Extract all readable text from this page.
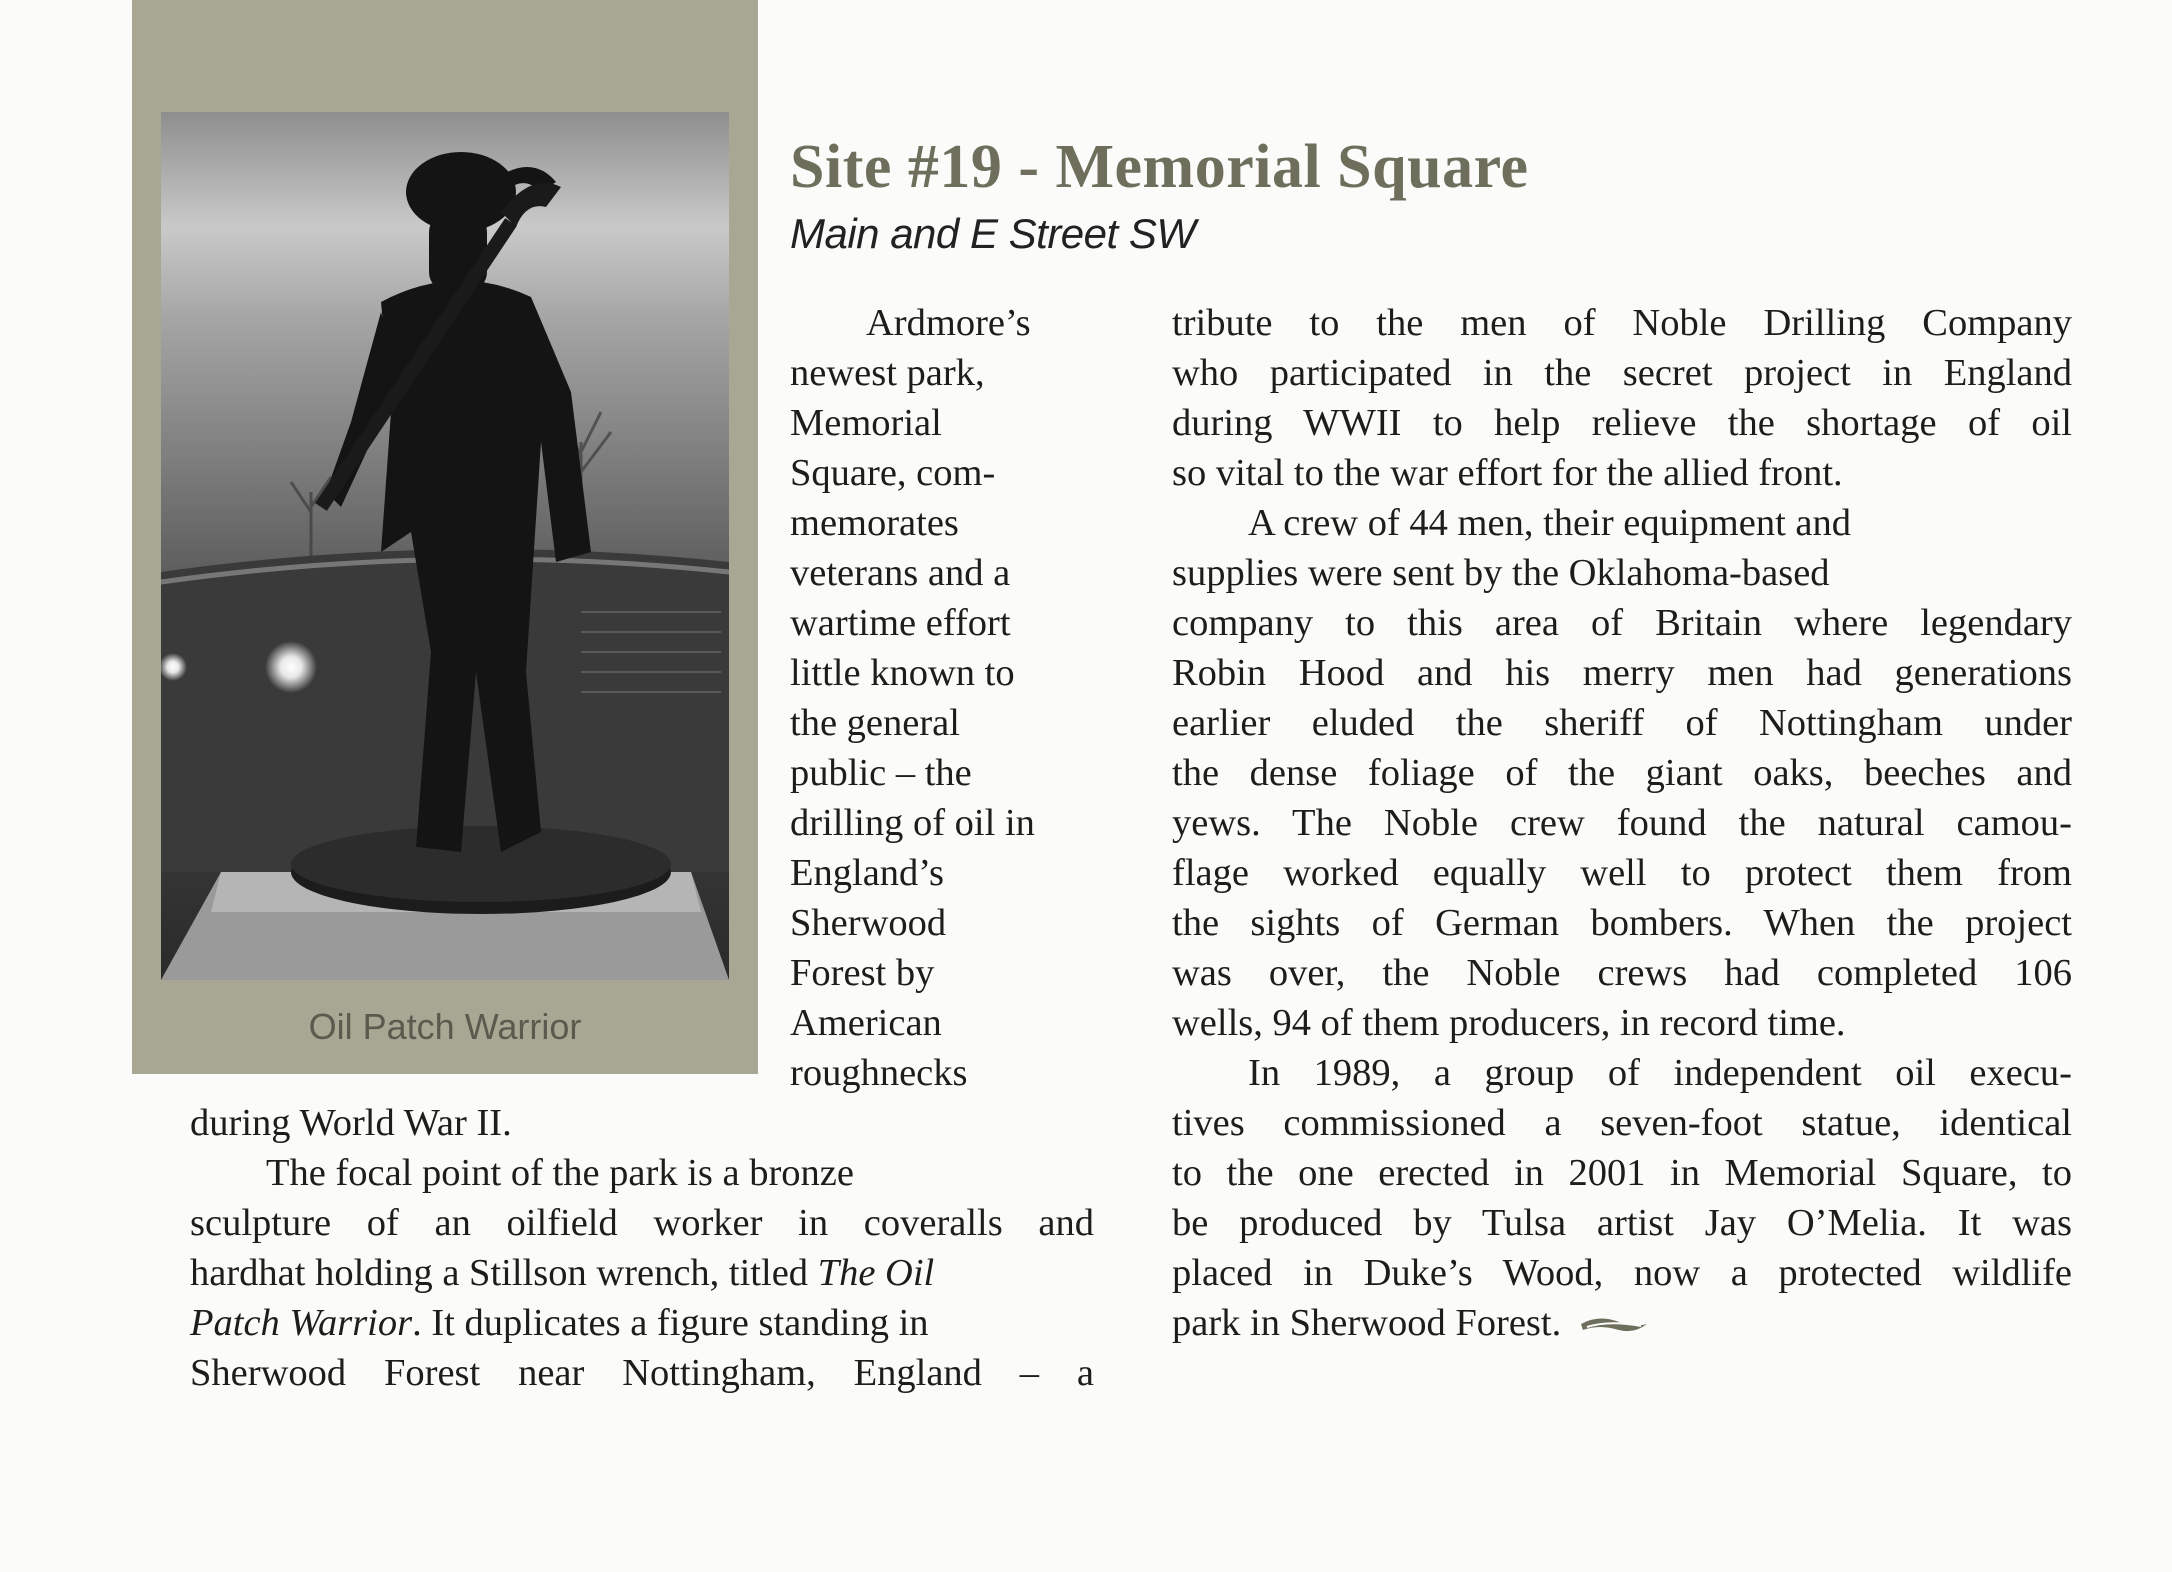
Oil Patch Warrior
Site #19 - Memorial Square
Main and E Street SW
Ardmore’s
newest park,
Memorial
Square, com-
memorates
veterans and a
wartime effort
little known to
the general
public – the
drilling of oil in
England’s
Sherwood
Forest by
American
roughnecks
during World War II.
The focal point of the park is a bronze
sculpture of an oilfield worker in coveralls and
hardhat holding a Stillson wrench, titled The Oil
Patch Warrior. It duplicates a figure standing in
Sherwood Forest near Nottingham, England – a
tribute to the men of Noble Drilling Company
who participated in the secret project in England
during WWII to help relieve the shortage of oil
so vital to the war effort for the allied front.
A crew of 44 men, their equipment and
supplies were sent by the Oklahoma-based
company to this area of Britain where legendary
Robin Hood and his merry men had generations
earlier eluded the sheriff of Nottingham under
the dense foliage of the giant oaks, beeches and
yews. The Noble crew found the natural camou-
flage worked equally well to protect them from
the sights of German bombers. When the project
was over, the Noble crews had completed 106
wells, 94 of them producers, in record time.
In 1989, a group of independent oil execu-
tives commissioned a seven-foot statue, identical
to the one erected in 2001 in Memorial Square, to
be produced by Tulsa artist Jay O’Melia. It was
placed in Duke’s Wood, now a protected wildlife
park in Sherwood Forest.
